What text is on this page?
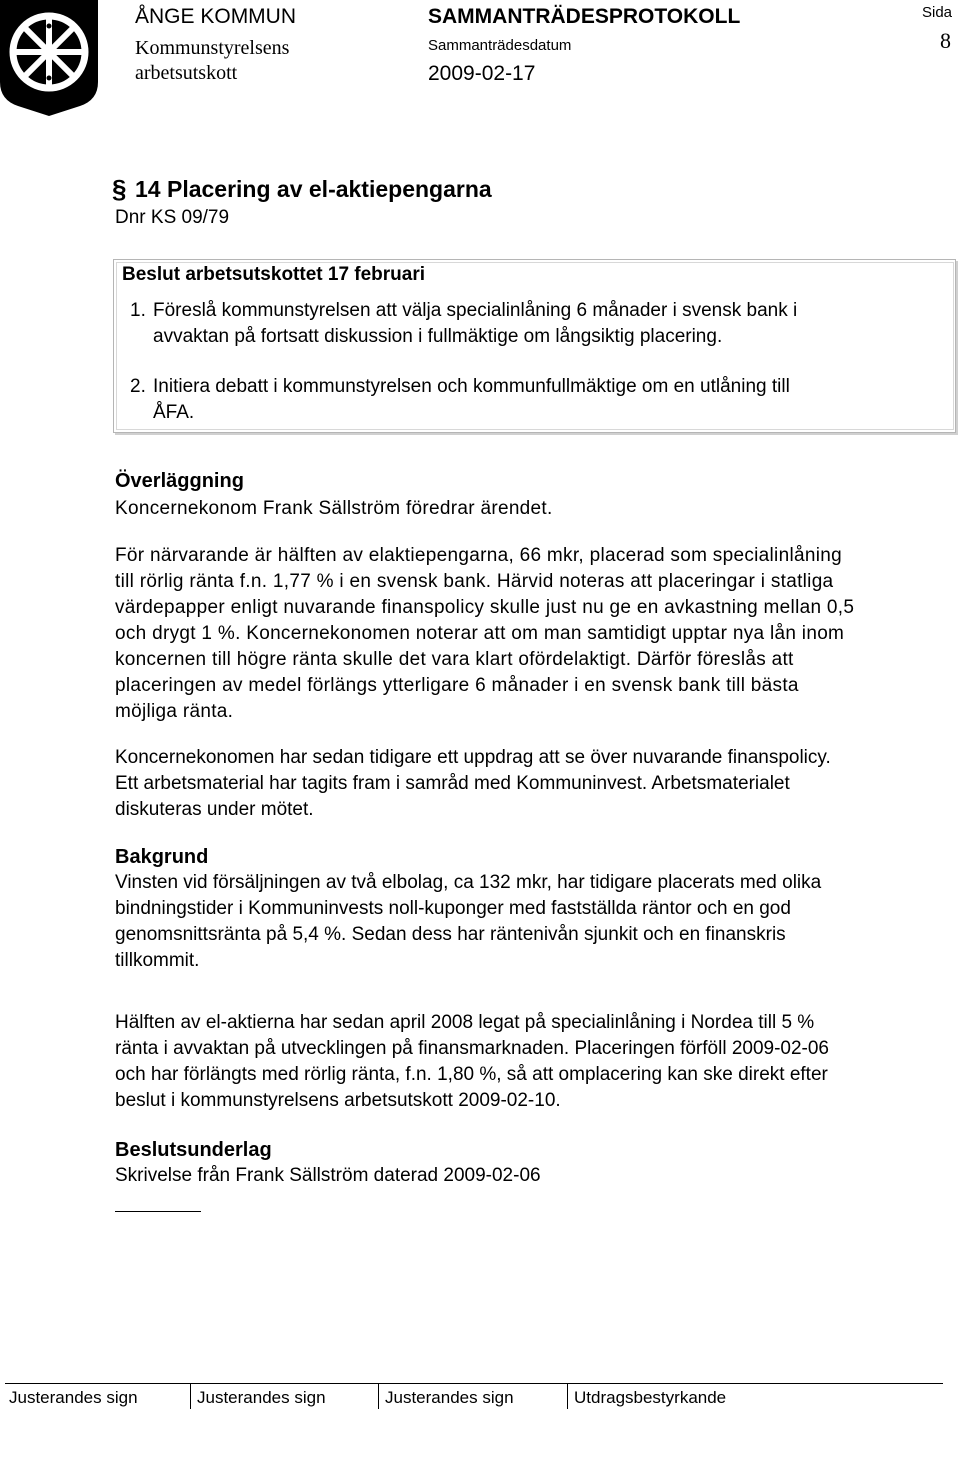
ÅNGE KOMMUN
Kommunstyrelsens
arbetsutskott
SAMMANTRÄDESPROTOKOLL
Sammanträdesdatum
2009-02-17
Sida
8
§ 14 Placering av el-aktiepengarna
Dnr KS 09/79
Beslut arbetsutskottet 17 februari
1. Föreslå kommunstyrelsen att välja specialinlåning 6 månader i svensk bank i
avvaktan på fortsatt diskussion i fullmäktige om långsiktig placering.
2. Initiera debatt i kommunstyrelsen och kommunfullmäktige om en utlåning till
ÅFA.
Överläggning
Koncernekonom Frank Sällström föredrar ärendet.
För närvarande är hälften av elaktiepengarna, 66 mkr, placerad som specialinlåning
till rörlig ränta f.n. 1,77 % i en svensk bank. Härvid noteras att placeringar i statliga
värdepapper enligt nuvarande finanspolicy skulle just nu ge en avkastning mellan 0,5
och drygt 1 %. Koncernekonomen noterar att om man samtidigt upptar nya lån inom
koncernen till högre ränta skulle det vara klart ofördelaktigt. Därför föreslås att
placeringen av medel förlängs ytterligare 6 månader i en svensk bank till bästa
möjliga ränta.
Koncernekonomen har sedan tidigare ett uppdrag att se över nuvarande finanspolicy.
Ett arbetsmaterial har tagits fram i samråd med Kommuninvest. Arbetsmaterialet
diskuteras under mötet.
Bakgrund
Vinsten vid försäljningen av två elbolag, ca 132 mkr, har tidigare placerats med olika
bindningstider i Kommuninvests noll-kuponger med fastställda räntor och en god
genomsnittsränta på 5,4 %. Sedan dess har räntenivån sjunkit och en finanskris
tillkommit.
Hälften av el-aktierna har sedan april 2008 legat på specialinlåning i Nordea till 5 %
ränta i avvaktan på utvecklingen på finansmarknaden. Placeringen förföll 2009-02-06
och har förlängts med rörlig ränta, f.n. 1,80 %, så att omplacering kan ske direkt efter
beslut i kommunstyrelsens arbetsutskott 2009-02-10.
Beslutsunderlag
Skrivelse från Frank Sällström daterad 2009-02-06
Justerandes sign	Justerandes sign	Justerandes sign	Utdragsbestyrkande
